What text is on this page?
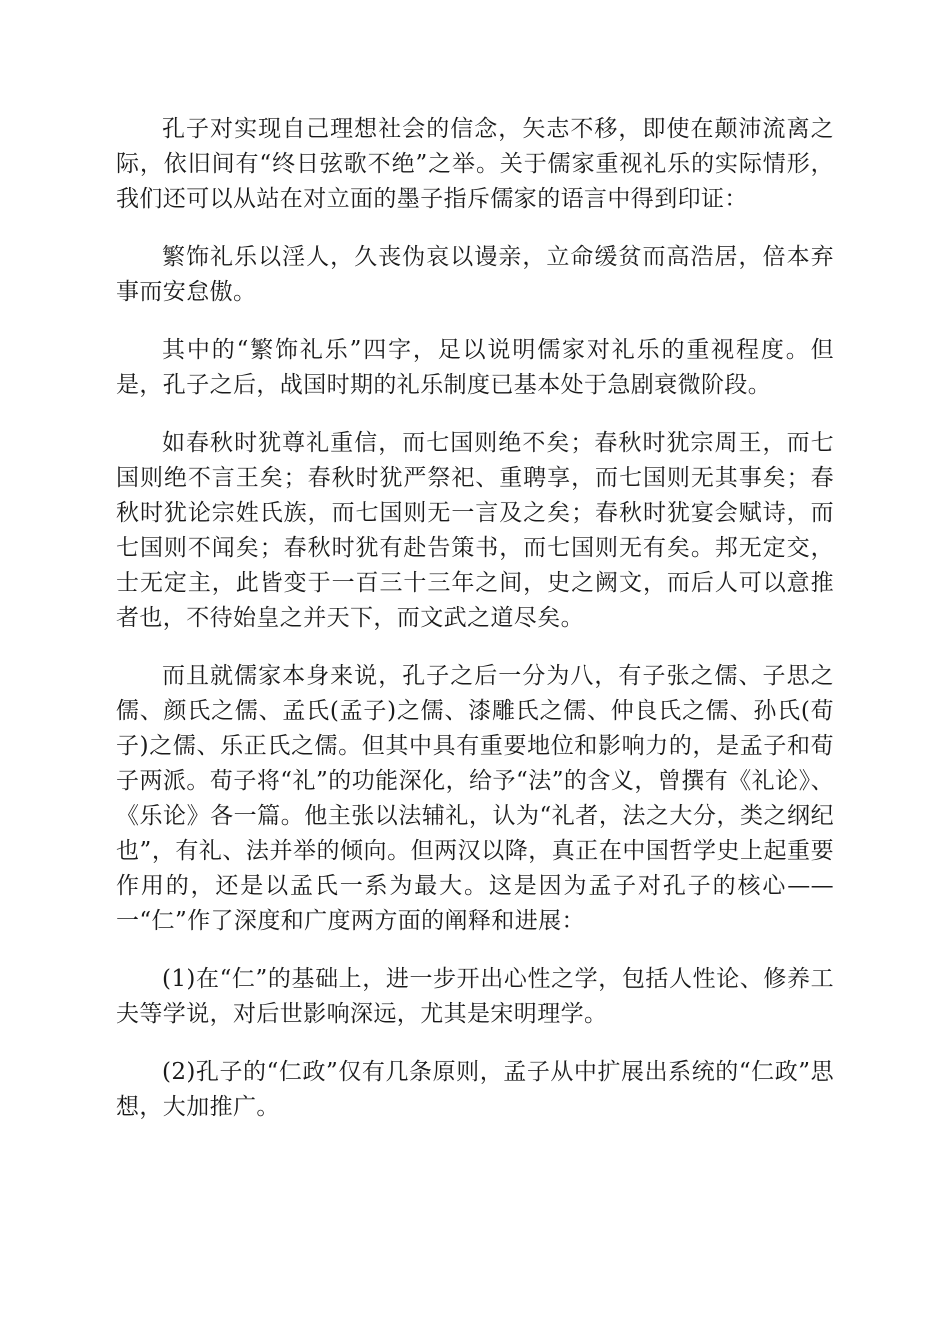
孔子对实现自己理想社会的信念，矢志不移，即使在颠沛流离之际，依旧间有“终日弦歌不绝”之举。关于儒家重视礼乐的实际情形，我们还可以从站在对立面的墨子指斥儒家的语言中得到印证：

繁饰礼乐以淫人，久丧伪哀以谩亲，立命缓贫而高浩居，倍本弃事而安怠傲。

其中的“繁饰礼乐”四字，足以说明儒家对礼乐的重视程度。但是，孔子之后，战国时期的礼乐制度已基本处于急剧衰微阶段。

如春秋时犹尊礼重信，而七国则绝不矣；春秋时犹宗周王，而七国则绝不言王矣；春秋时犹严祭祀、重聘享，而七国则无其事矣；春秋时犹论宗姓氏族，而七国则无一言及之矣；春秋时犹宴会赋诗，而七国则不闻矣；春秋时犹有赴告策书，而七国则无有矣。邦无定交，士无定主，此皆变于一百三十三年之间，史之阙文，而后人可以意推者也，不待始皇之并天下，而文武之道尽矣。

而且就儒家本身来说，孔子之后一分为八，有子张之儒、子思之儒、颜氏之儒、孟氏(孟子)之儒、漆雕氏之儒、仲良氏之儒、孙氏(荀子)之儒、乐正氏之儒。但其中具有重要地位和影响力的，是孟子和荀子两派。荀子将“礼”的功能深化，给予“法”的含义，曾撰有《礼论》、《乐论》各一篇。他主张以法辅礼，认为“礼者，法之大分，类之纲纪也”，有礼、法并举的倾向。但两汉以降，真正在中国哲学史上起重要作用的，还是以孟氏一系为最大。这是因为孟子对孔子的核心——一“仁”作了深度和广度两方面的阐释和进展：

(1)在“仁”的基础上，进一步开出心性之学，包括人性论、修养工夫等学说，对后世影响深远，尤其是宋明理学。

(2)孔子的“仁政”仅有几条原则，孟子从中扩展出系统的“仁政”思想，大加推广。
